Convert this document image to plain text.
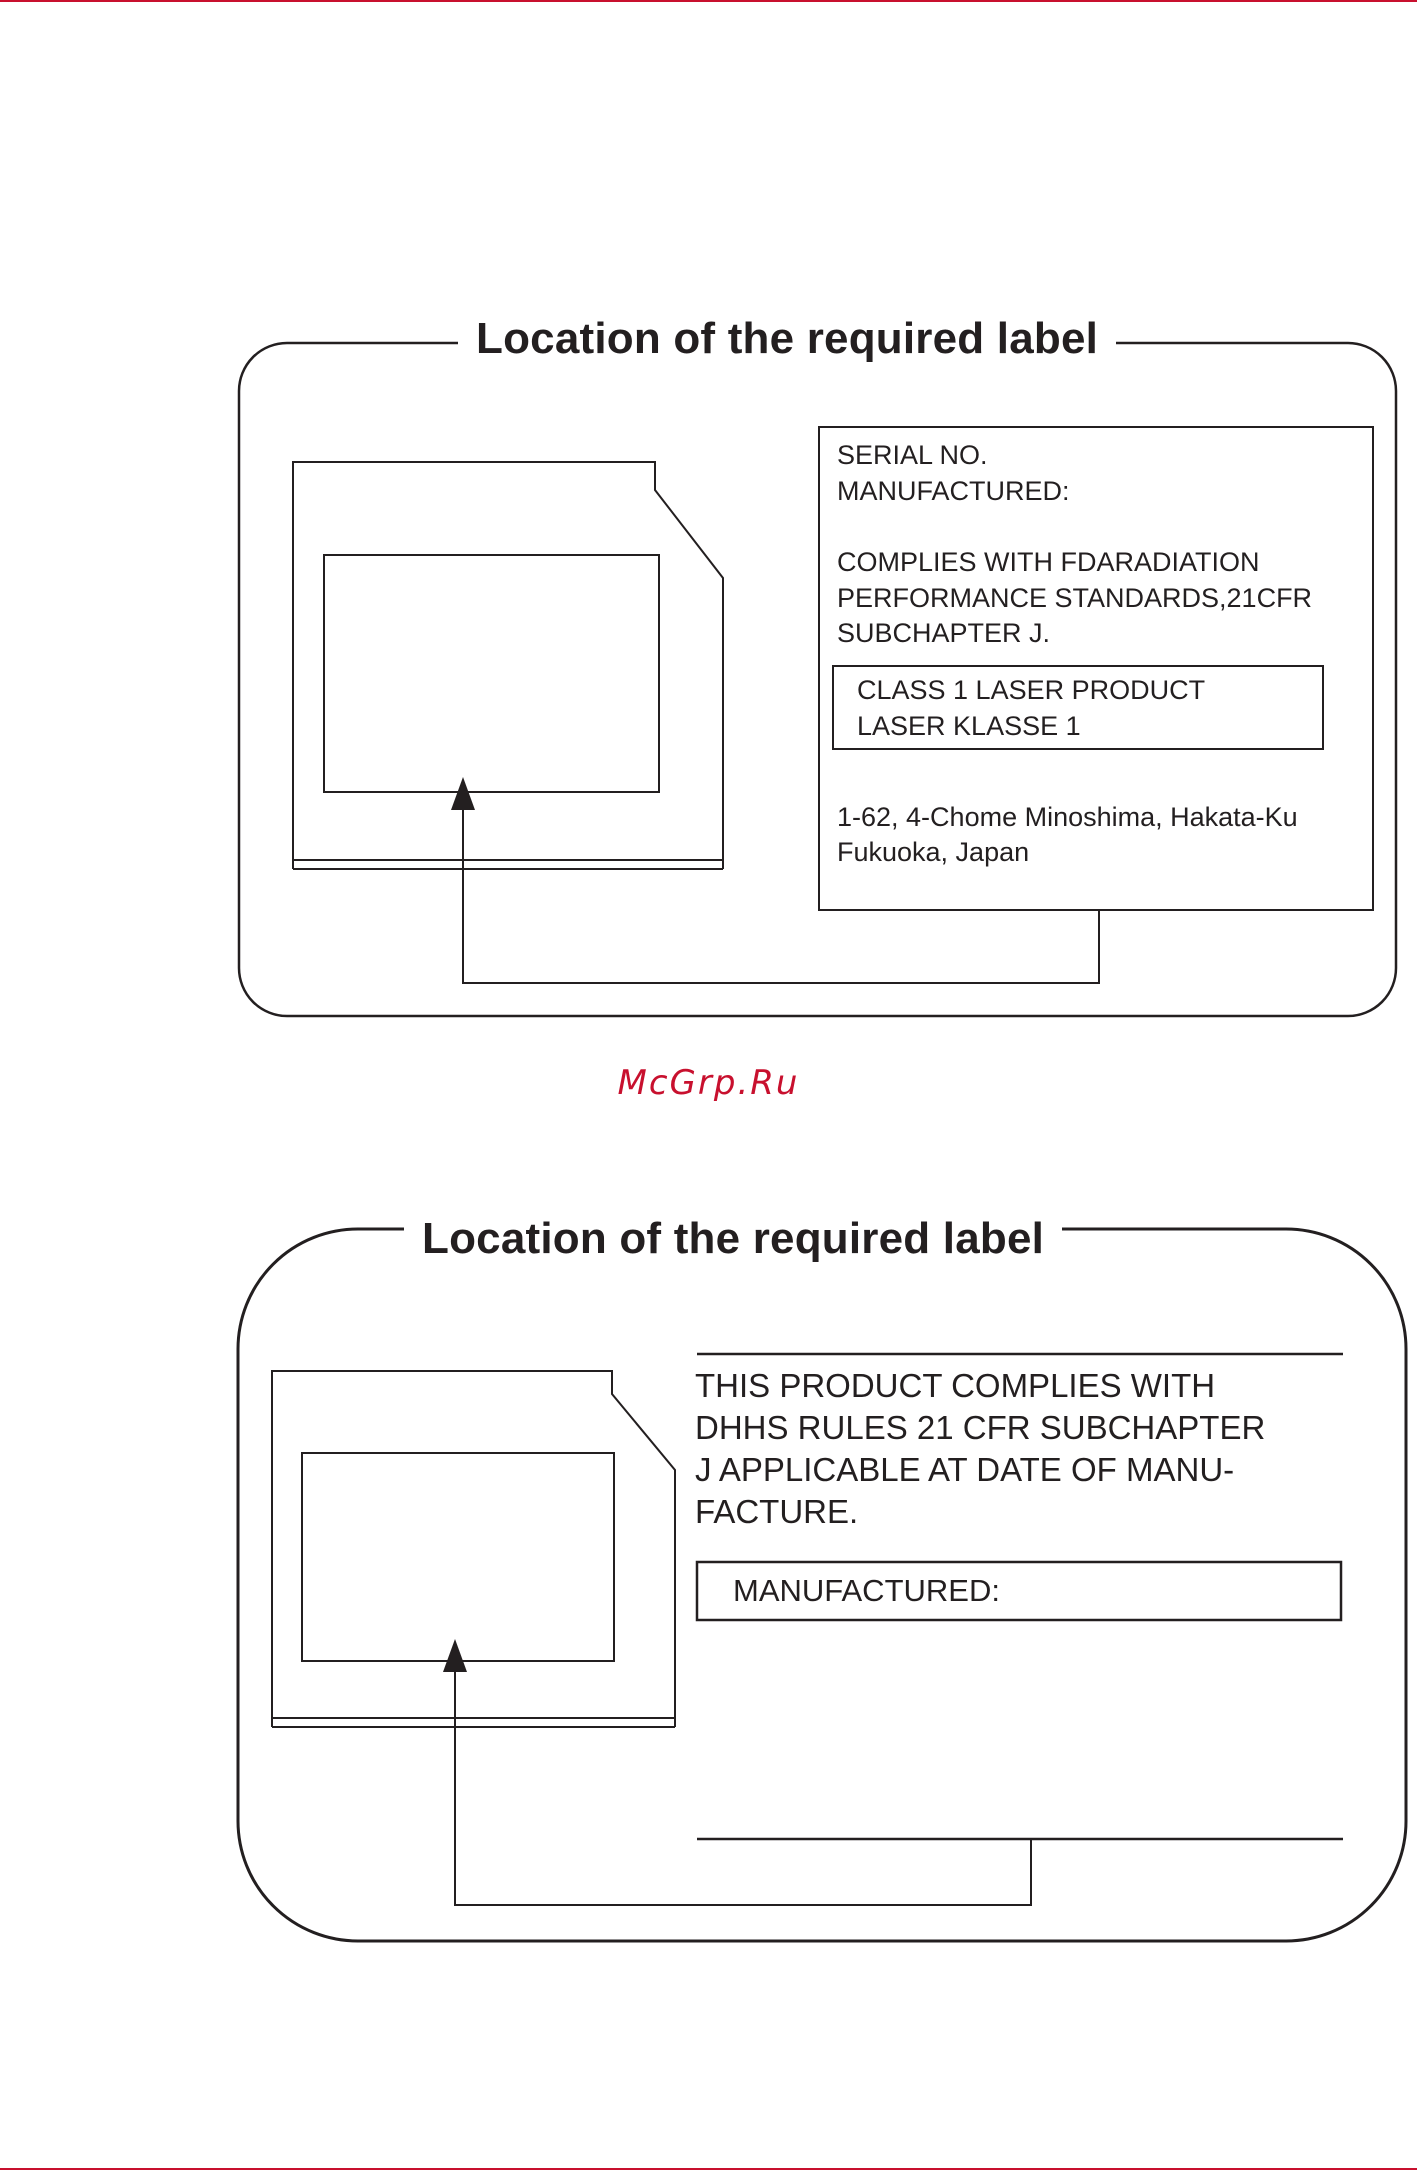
Location of the required label
SERIAL NO.
MANUFACTURED:
COMPLIES WITH FDARADIATION
PERFORMANCE STANDARDS,21CFR
SUBCHAPTER J.
CLASS 1 LASER PRODUCT
LASER KLASSE 1
1-62, 4-Chome Minoshima, Hakata-Ku
Fukuoka, Japan
McGrp.Ru
Location of the required label
THIS PRODUCT COMPLIES WITH
DHHS RULES 21 CFR SUBCHAPTER
J APPLICABLE AT DATE OF MANU-
FACTURE.
MANUFACTURED:
